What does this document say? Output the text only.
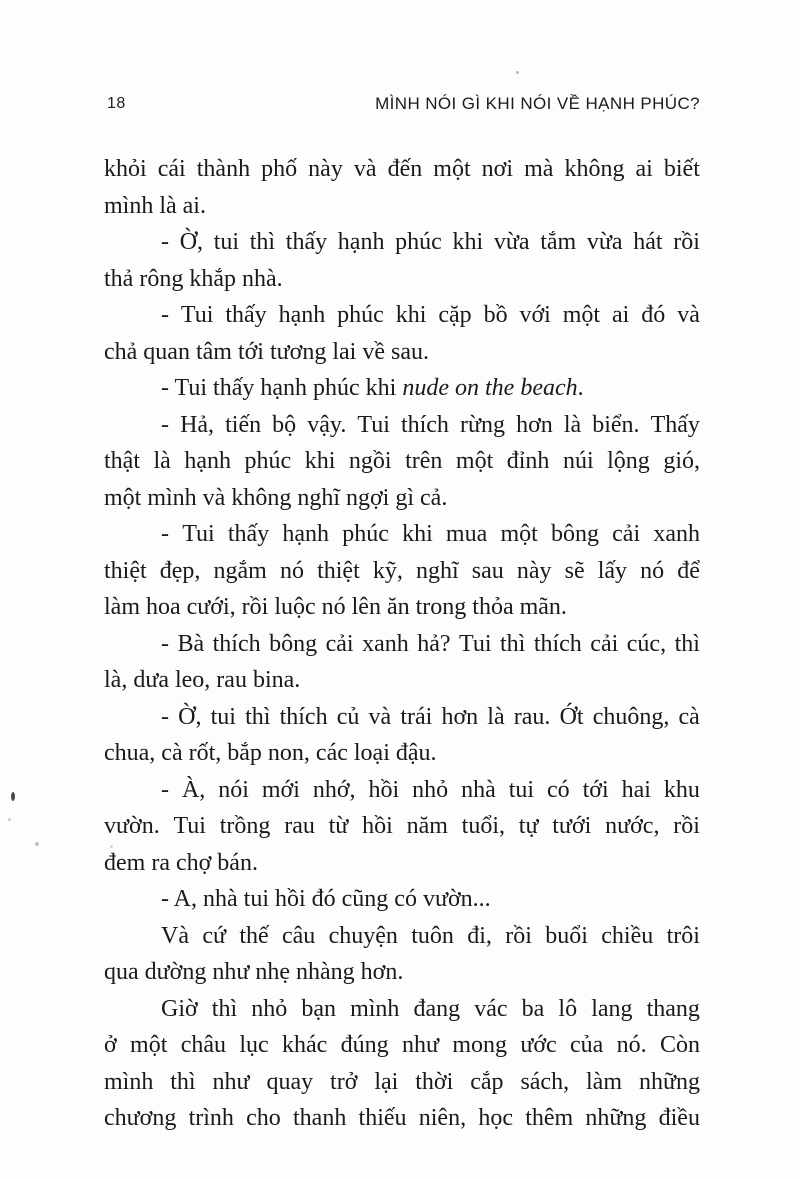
18	MÌNH NÓI GÌ KHI NÓI VỀ HẠNH PHÚC?
khỏi cái thành phố này và đến một nơi mà không ai biết
mình là ai.
- Ờ, tui thì thấy hạnh phúc khi vừa tắm vừa hát rồi
thả rông khắp nhà.
- Tui thấy hạnh phúc khi cặp bồ với một ai đó và
chả quan tâm tới tương lai về sau.
- Tui thấy hạnh phúc khi nude on the beach.
- Hả, tiến bộ vậy. Tui thích rừng hơn là biển. Thấy
thật là hạnh phúc khi ngồi trên một đỉnh núi lộng gió,
một mình và không nghĩ ngợi gì cả.
- Tui thấy hạnh phúc khi mua một bông cải xanh
thiệt đẹp, ngắm nó thiệt kỹ, nghĩ sau này sẽ lấy nó để
làm hoa cưới, rồi luộc nó lên ăn trong thỏa mãn.
- Bà thích bông cải xanh hả? Tui thì thích cải cúc, thì
là, dưa leo, rau bina.
- Ờ, tui thì thích củ và trái hơn là rau. Ớt chuông, cà
chua, cà rốt, bắp non, các loại đậu.
- À, nói mới nhớ, hồi nhỏ nhà tui có tới hai khu
vườn. Tui trồng rau từ hồi năm tuổi, tự tưới nước, rồi
đem ra chợ bán.
- A, nhà tui hồi đó cũng có vườn...
Và cứ thế câu chuyện tuôn đi, rồi buổi chiều trôi
qua dường như nhẹ nhàng hơn.
Giờ thì nhỏ bạn mình đang vác ba lô lang thang
ở một châu lục khác đúng như mong ước của nó. Còn
mình thì như quay trở lại thời cắp sách, làm những
chương trình cho thanh thiếu niên, học thêm những điều
